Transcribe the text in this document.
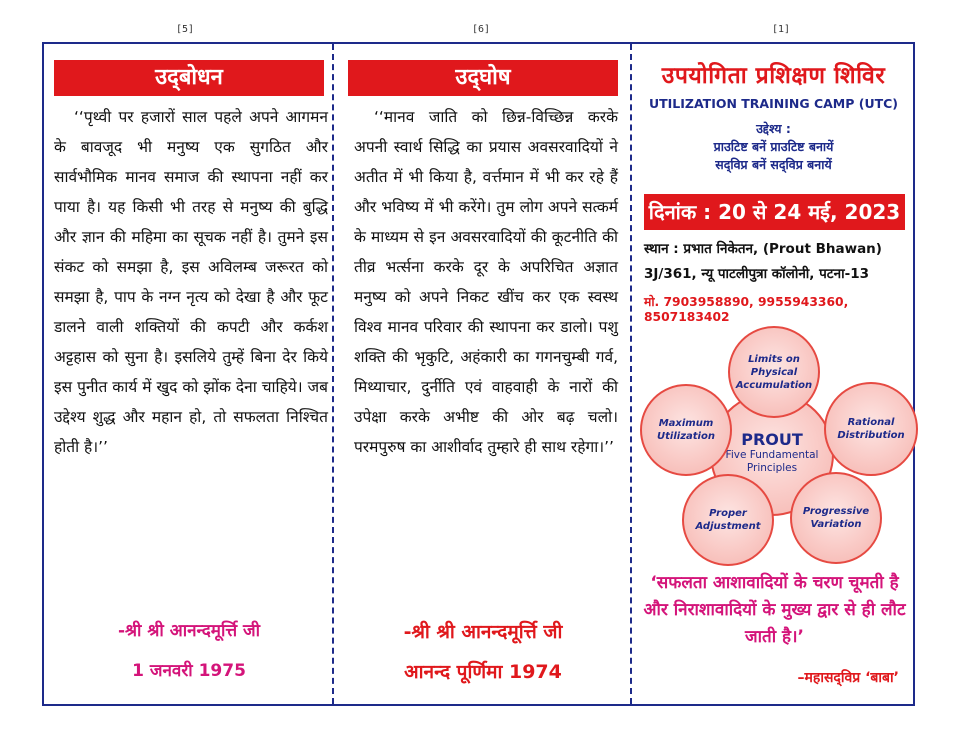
[5]	[6]	[1]
उद्‌बोधन
‘‘पृथ्वी पर हजारों साल पहले अपने आगमन के बावजूद भी मनुष्य एक सुगठित और सार्वभौमिक मानव समाज की स्थापना नहीं कर पाया है। यह किसी भी तरह से मनुष्य की बुद्धि और ज्ञान की महिमा का सूचक नहीं है। तुमने इस संकट को समझा है, इस अविलम्ब जरूरत को समझा है, पाप के नग्न नृत्य को देखा है और फूट डालने वाली शक्तियों की कपटी और कर्कश अट्टहास को सुना है। इसलिये तुम्हें बिना देर किये इस पुनीत कार्य में खुद को झोंक देना चाहिये। जब उद्देश्य शुद्ध और महान हो, तो सफलता निश्चित होती है।’’
-श्री श्री आनन्दमूर्त्ति जी
1 जनवरी 1975
उद्‌घोष
‘‘मानव जाति को छिन्न-विच्छिन्न करके अपनी स्वार्थ सिद्धि का प्रयास अवसरवादियों ने अतीत में भी किया है, वर्त्तमान में भी कर रहे हैं और भविष्य में भी करेंगे। तुम लोग अपने सत्कर्म के माध्यम से इन अवसरवादियों की कूटनीति की तीव्र भर्त्सना करके दूर के अपरिचित अज्ञात मनुष्य को अपने निकट खींच कर एक स्वस्थ विश्व मानव परिवार की स्थापना कर डालो। पशु शक्ति की भृकुटि, अहंकारी का गगनचुम्बी गर्व, मिथ्याचार, दुर्नीति एवं वाहवाही के नारों की उपेक्षा करके अभीष्ट की ओर बढ़ चलो। परमपुरुष का आशीर्वाद तुम्हारे ही साथ रहेगा।’’
-श्री श्री आनन्दमूर्त्ति जी
आनन्द पूर्णिमा 1974
उपयोगिता प्रशिक्षण शिविर
UTILIZATION TRAINING CAMP (UTC)
उद्देश्य :
प्राउटिष्ट बनें प्राउटिष्ट बनायें
सद्‌विप्र बनें सद्‌विप्र बनायें
दिनांक : 20 से 24 मई, 2023
स्थान : प्रभात निकेतन, (Prout Bhawan)
3J/361, न्यू पाटलीपुत्रा कॉलोनी, पटना-13
मो. 7903958890, 9955943360, 8507183402
PROUT
Five Fundamental Principles
Limits on Physical Accumulation
Rational Distribution
Progressive Variation
Proper Adjustment
Maximum Utilization
‘सफलता आशावादियों के चरण चूमती है और निराशावादियों के मुख्य द्वार से ही लौट जाती है।’
–महासद्‌विप्र ‘बाबा’
